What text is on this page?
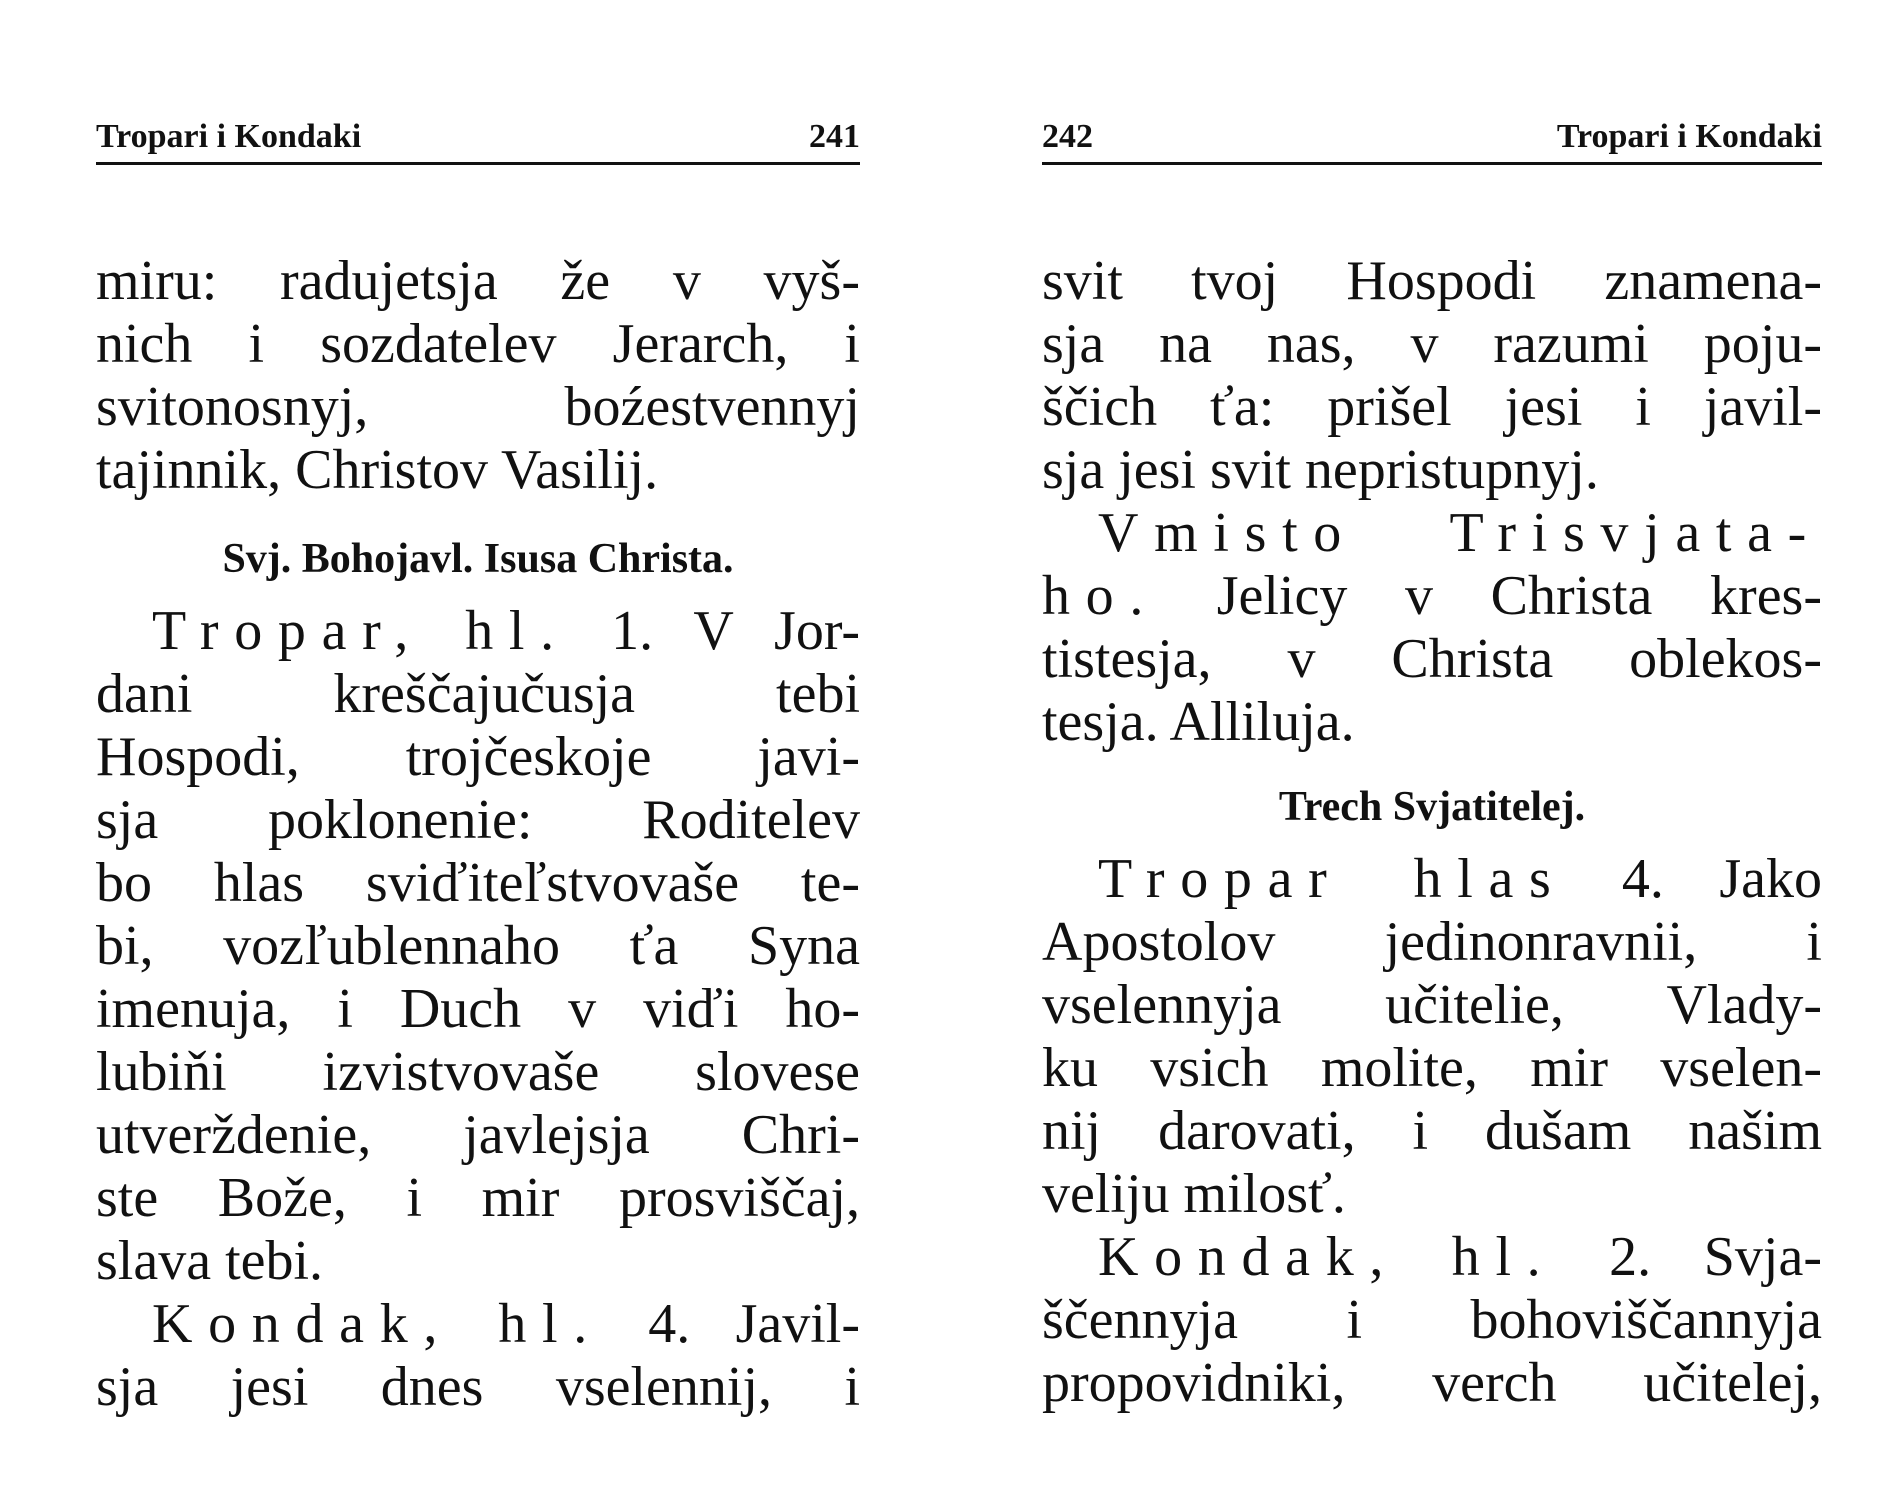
Tropari i Kondaki	241
miru: radujetsja že v vyš-
nich i sozdatelev Jerarch, i
svitonosnyj, boźestvennyj
tajinnik, Christov Vasilij.
Svj. Bohojavl. Isusa Christa.
Tropar, hl. 1. V Jor-
dani kreščajučusja tebi
Hospodi, trojčeskoje javi-
sja poklonenie: Roditelev
bo hlas sviďiteľstvovaše te-
bi, vozľublennaho ťa Syna
imenuja, i Duch v viďi ho-
lubiňi izvistvovaše slovese
utverždenie, javlejsja Chri-
ste Bože, i mir prosviščaj,
slava tebi.
Kondak, hl. 4. Javil-
sja jesi dnes vselennij, i
242	Tropari i Kondaki
svit tvoj Hospodi znamena-
sja na nas, v razumi poju-
ščich ťa: prišel jesi i javil-
sja jesi svit nepristupnyj.
Vmisto Trisvjata-
ho. Jelicy v Christa kres-
tistesja, v Christa oblekos-
tesja. Alliluja.
Trech Svjatitelej.
Tropar hlas 4. Jako
Apostolov jedinonravnii, i
vselennyja učitelie, Vlady-
ku vsich molite, mir vselen-
nij darovati, i dušam našim
veliju milosť.
Kondak, hl. 2. Svja-
ščennyja i bohoviščannyja
propovidniki, verch učitelej,
